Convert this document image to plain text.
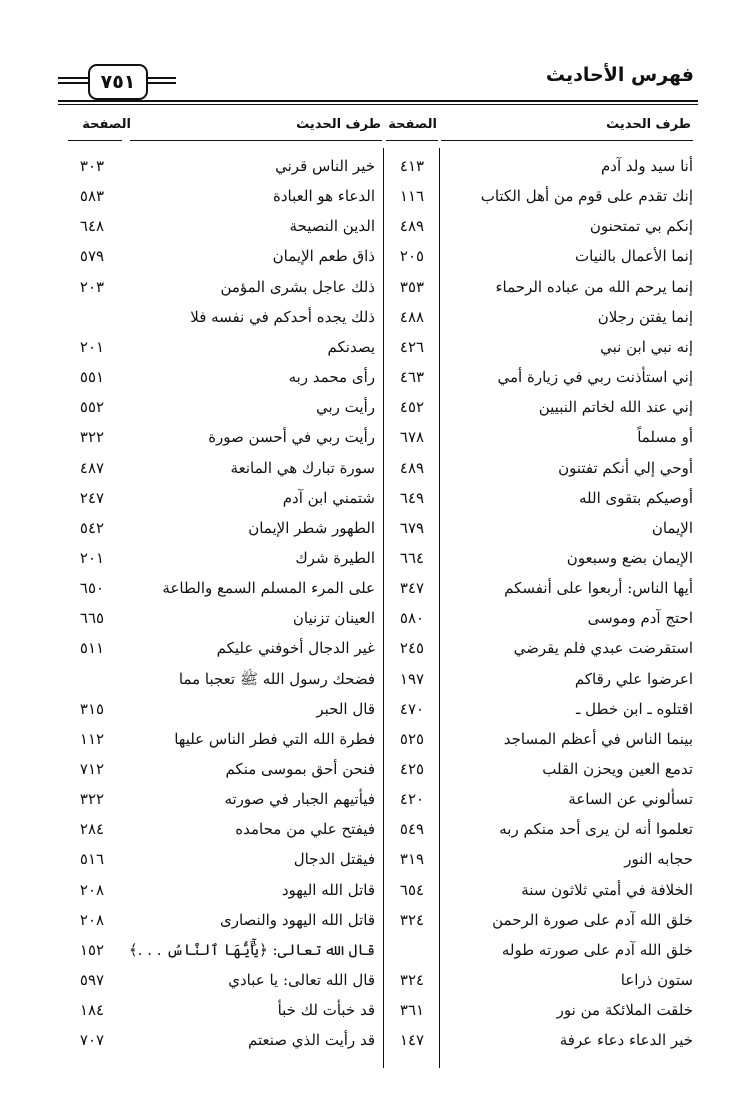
فهرس الأحاديث
٧٥١
طرف الحديث
الصفحة
طرف الحديث
الصفحة
أنا سيد ولد آدم
٤١٣
إنك تقدم على قوم من أهل الكتاب
١١٦
إنكم بي تمتحنون
٤٨٩
إنما الأعمال بالنيات
٢٠٥
إنما يرحم الله من عباده الرحماء
٣٥٣
إنما يفتن رجلان
٤٨٨
إنه نبي ابن نبي
٤٢٦
إني استأذنت ربي في زيارة أمي
٤٦٣
إني عند الله لخاتم النبيين
٤٥٢
أو مسلماً
٦٧٨
أوحي إلي أنكم تفتنون
٤٨٩
أوصيكم بتقوى الله
٦٤٩
الإيمان
٦٧٩
الإيمان بضع وسبعون
٦٦٤
أيها الناس: أربعوا على أنفسكم
٣٤٧
احتج آدم وموسى
٥٨٠
استقرضت عبدي فلم يقرضي
٢٤٥
اعرضوا علي رقاكم
١٩٧
اقتلوه ـ ابن خطل ـ
٤٧٠
بينما الناس في أعظم المساجد
٥٢٥
تدمع العين ويحزن القلب
٤٢٥
تسألوني عن الساعة
٤٢٠
تعلموا أنه لن يرى أحد منكم ربه
٥٤٩
حجابه النور
٣١٩
الخلافة في أمتي ثلاثون سنة
٦٥٤
خلق الله آدم على صورة الرحمن
٣٢٤
خلق الله آدم على صورته طوله
ستون ذراعا
٣٢٤
خلقت الملائكة من نور
٣٦١
خير الدعاء دعاء عرفة
١٤٧
خير الناس قرني
٣٠٣
الدعاء هو العبادة
٥٨٣
الدين النصيحة
٦٤٨
ذاق طعم الإيمان
٥٧٩
ذلك عاجل بشرى المؤمن
٢٠٣
ذلك يجده أحدكم في نفسه فلا
يصدنكم
٢٠١
رأى محمد ربه
٥٥١
رأيت ربي
٥٥٢
رأيت ربي في أحسن صورة
٣٢٢
سورة تبارك هي المانعة
٤٨٧
شتمني ابن آدم
٢٤٧
الطهور شطر الإيمان
٥٤٢
الطيرة شرك
٢٠١
على المرء المسلم السمع والطاعة
٦٥٠
العينان تزنيان
٦٦٥
غير الدجال أخوفني عليكم
٥١١
فضحك رسول الله ﷺ تعجبا مما
قال الحبر
٣١٥
فطرة الله التي فطر الناس عليها
١١٢
فنحن أحق بموسى منكم
٧١٢
فيأتيهم الجبار في صورته
٣٢٢
فيفتح علي من محامده
٢٨٤
فيقتل الدجال
٥١٦
قاتل الله اليهود
٢٠٨
قاتل الله اليهود والنصارى
٢٠٨
قال الله تعالى: ﴿يَٰٓأَيُّهَا ٱلنَّاسُ . . .﴾
١٥٢
قال الله تعالى: يا عبادي
٥٩٧
قد خبأت لك خبأ
١٨٤
قد رأيت الذي صنعتم
٧٠٧
